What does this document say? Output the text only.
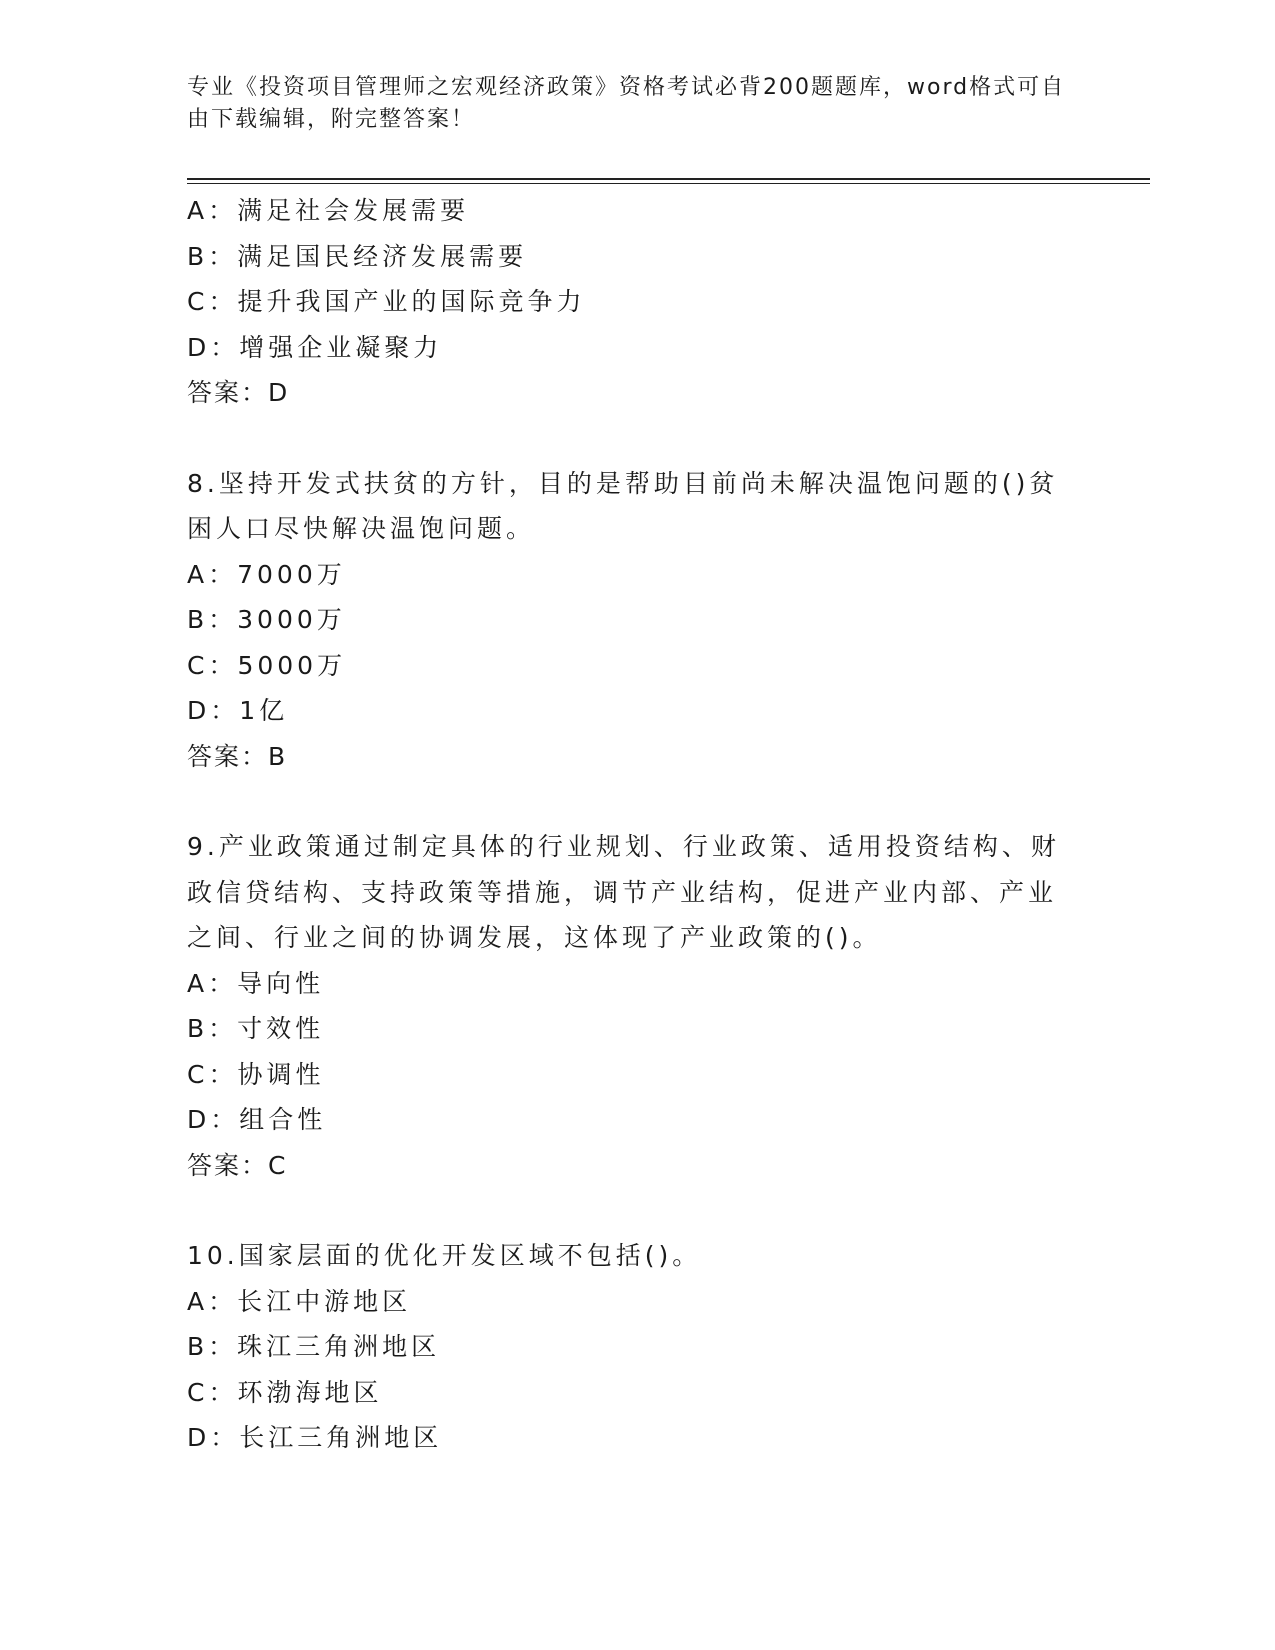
专业《投资项目管理师之宏观经济政策》资格考试必背200题题库，word格式可自由下载编辑，附完整答案！
A：满足社会发展需要
B：满足国民经济发展需要
C：提升我国产业的国际竞争力
D：增强企业凝聚力
答案：D
8.坚持开发式扶贫的方针，目的是帮助目前尚未解决温饱问题的()贫困人口尽快解决温饱问题。
A：7000万
B：3000万
C：5000万
D：1亿
答案：B
9.产业政策通过制定具体的行业规划、行业政策、适用投资结构、财政信贷结构、支持政策等措施，调节产业结构，促进产业内部、产业之间、行业之间的协调发展，这体现了产业政策的()。
A：导向性
B：寸效性
C：协调性
D：组合性
答案：C
10.国家层面的优化开发区域不包括()。
A：长江中游地区
B：珠江三角洲地区
C：环渤海地区
D：长江三角洲地区
